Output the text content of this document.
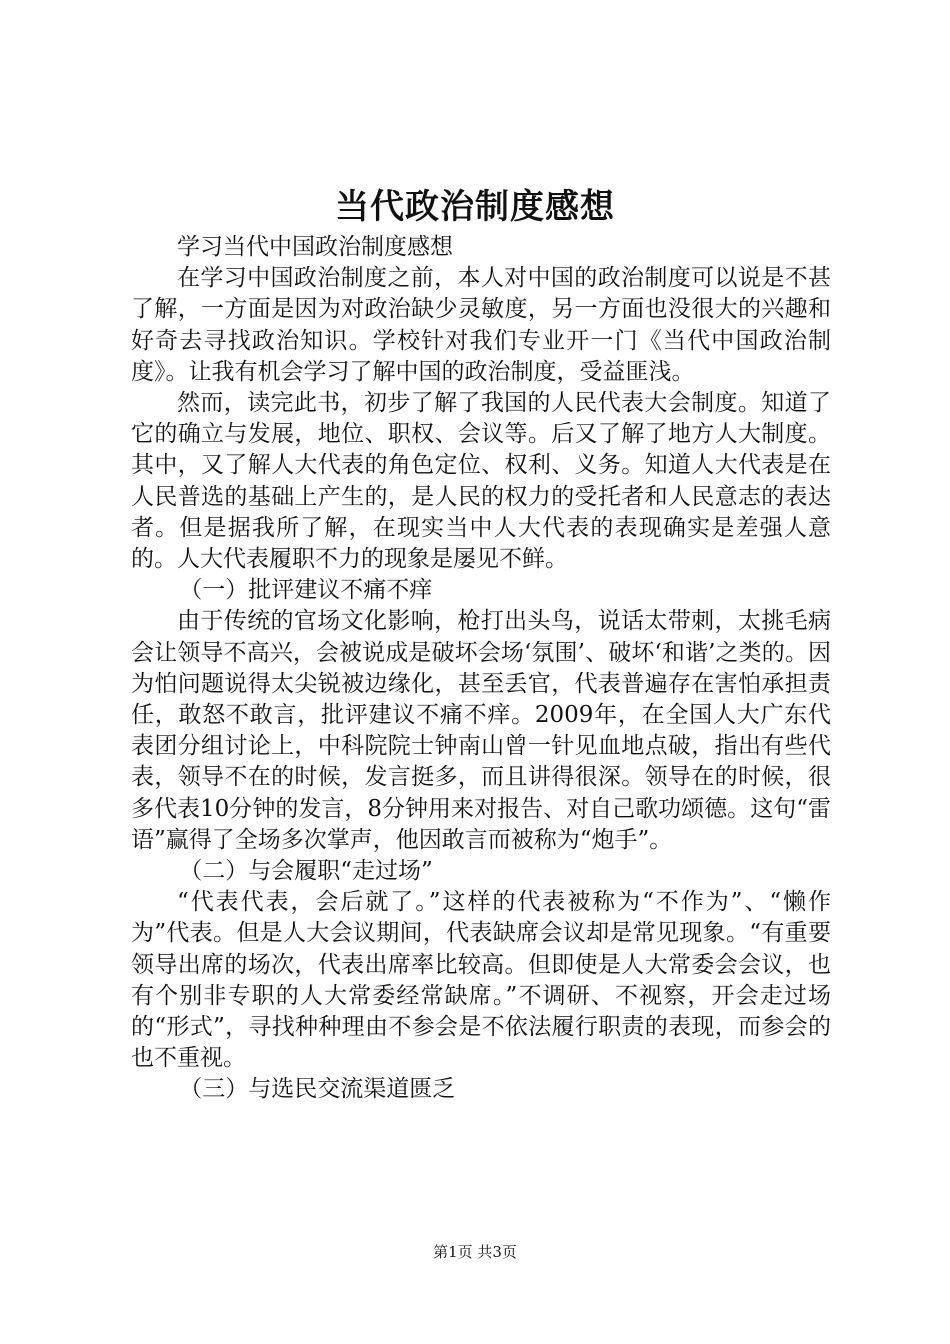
当代政治制度感想

学习当代中国政治制度感想

在学习中国政治制度之前，本人对中国的政治制度可以说是不甚了解，一方面是因为对政治缺少灵敏度，另一方面也没很大的兴趣和好奇去寻找政治知识。学校针对我们专业开一门《当代中国政治制度》。让我有机会学习了解中国的政治制度，受益匪浅。

然而，读完此书，初步了解了我国的人民代表大会制度。知道了它的确立与发展，地位、职权、会议等。后又了解了地方人大制度。其中，又了解人大代表的角色定位、权利、义务。知道人大代表是在人民普选的基础上产生的，是人民的权力的受托者和人民意志的表达者。但是据我所了解，在现实当中人大代表的表现确实是差强人意的。人大代表履职不力的现象是屡见不鲜。

（一）批评建议不痛不痒

由于传统的官场文化影响，枪打出头鸟，说话太带刺，太挑毛病会让领导不高兴，会被说成是破坏会场‘氛围’、破坏‘和谐’之类的。因为怕问题说得太尖锐被边缘化，甚至丢官，代表普遍存在害怕承担责任，敢怒不敢言，批评建议不痛不痒。2009年，在全国人大广东代表团分组讨论上，中科院院士钟南山曾一针见血地点破，指出有些代表，领导不在的时候，发言挺多，而且讲得很深。领导在的时候，很多代表10分钟的发言，8分钟用来对报告、对自己歌功颂德。这句“雷语”赢得了全场多次掌声，他因敢言而被称为“炮手”。

（二）与会履职“走过场”

“代表代表，会后就了。”这样的代表被称为“不作为”、“懒作为”代表。但是人大会议期间，代表缺席会议却是常见现象。“有重要领导出席的场次，代表出席率比较高。但即使是人大常委会会议，也有个别非专职的人大常委经常缺席。”不调研、不视察，开会走过场的“形式”，寻找种种理由不参会是不依法履行职责的表现，而参会的也不重视。

（三）与选民交流渠道匮乏

第1页 共3页
